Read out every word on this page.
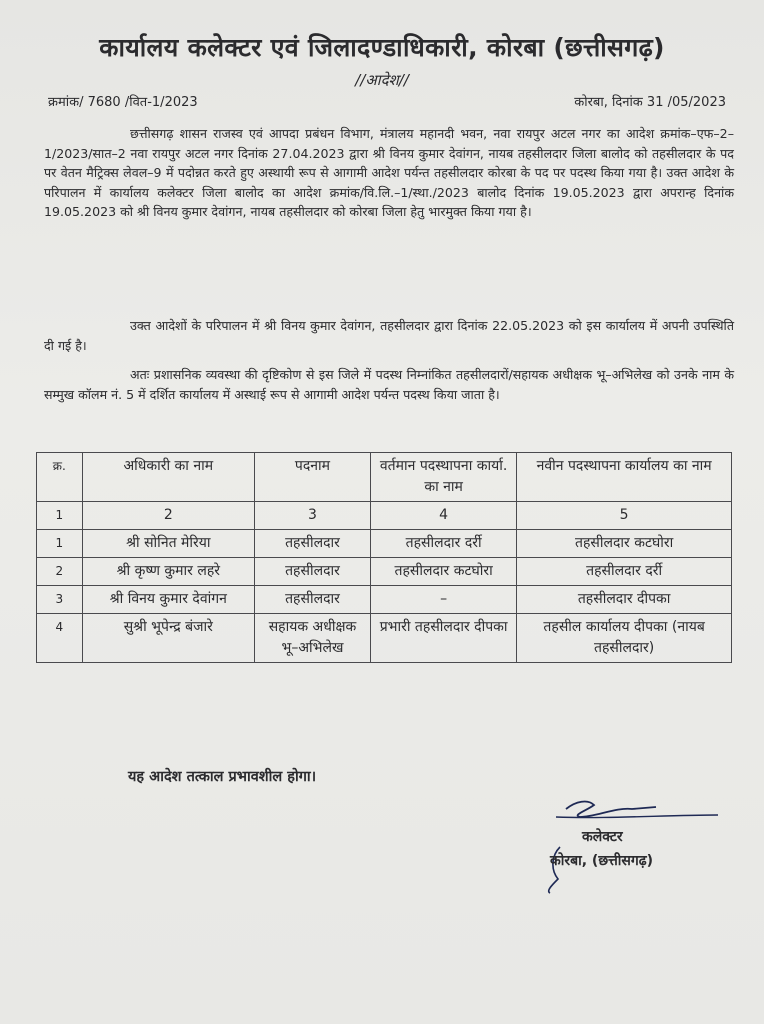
कार्यालय कलेक्टर एवं जिलादण्डाधिकारी, कोरबा (छत्तीसगढ़)
//आदेश//
क्रमांक/ 7680 /वित-1/2023	कोरबा, दिनांक 31 /05/2023
छत्तीसगढ़ शासन राजस्व एवं आपदा प्रबंधन विभाग, मंत्रालय महानदी भवन, नवा रायपुर अटल नगर का आदेश क्रमांक–एफ–2–1/2023/सात–2 नवा रायपुर अटल नगर दिनांक 27.04.2023 द्वारा श्री विनय कुमार देवांगन, नायब तहसीलदार जिला बालोद को तहसीलदार के पद पर वेतन मैट्रिक्स लेवल–9 में पदोन्नत करते हुए अस्थायी रूप से आगामी आदेश पर्यन्त तहसीलदार कोरबा के पद पर पदस्थ किया गया है। उक्त आदेश के परिपालन में कार्यालय कलेक्टर जिला बालोद का आदेश क्रमांक/वि.लि.–1/स्था./2023 बालोद दिनांक 19.05.2023 द्वारा अपरान्ह दिनांक 19.05.2023 को श्री विनय कुमार देवांगन, नायब तहसीलदार को कोरबा जिला हेतु भारमुक्त किया गया है।
उक्त आदेशों के परिपालन में श्री विनय कुमार देवांगन, तहसीलदार द्वारा दिनांक 22.05.2023 को इस कार्यालय में अपनी उपस्थिति दी गई है।
अतः प्रशासनिक व्यवस्था की दृष्टिकोण से इस जिले में पदस्थ निम्नांकित तहसीलदारों/सहायक अधीक्षक भू–अभिलेख को उनके नाम के सम्मुख कॉलम नं. 5 में दर्शित कार्यालय में अस्थाई रूप से आगामी आदेश पर्यन्त पदस्थ किया जाता है।
क्र.	अधिकारी का नाम	पदनाम	वर्तमान पदस्थापना कार्या. का नाम	नवीन पदस्थापना कार्यालय का नाम
1	2	3	4	5
1	श्री सोनित मेरिया	तहसीलदार	तहसीलदार दर्री	तहसीलदार कटघोरा
2	श्री कृष्ण कुमार लहरे	तहसीलदार	तहसीलदार कटघोरा	तहसीलदार दर्री
3	श्री विनय कुमार देवांगन	तहसीलदार	–	तहसीलदार दीपका
4	सुश्री भूपेन्द्र बंजारे	सहायक अधीक्षक भू–अभिलेख	प्रभारी तहसीलदार दीपका	तहसील कार्यालय दीपका (नायब तहसीलदार)
यह आदेश तत्काल प्रभावशील होगा।
कलेक्टर
कोरबा, (छत्तीसगढ़)
